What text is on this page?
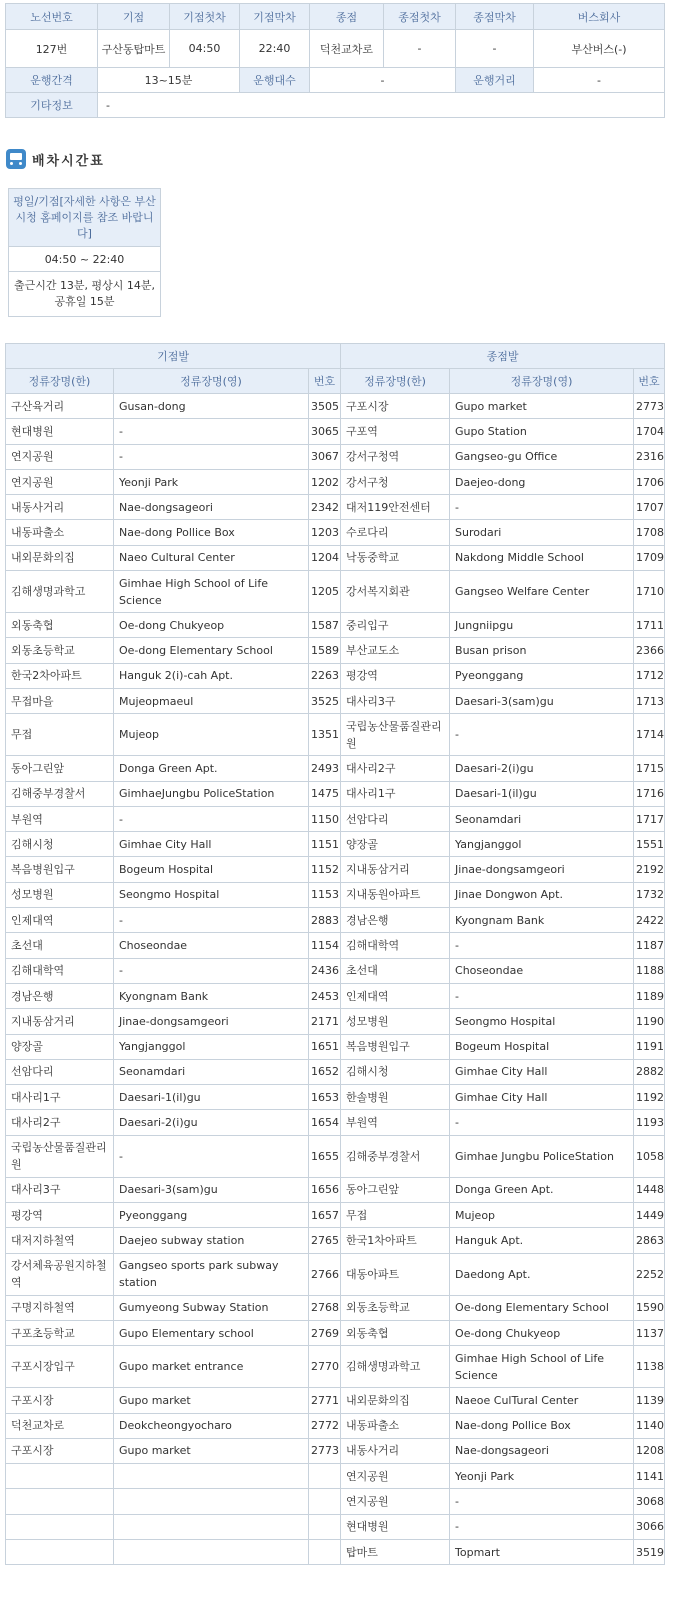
노선번호	기점	기점첫차	기점막차	종점	종점첫차	종점막차	버스회사
127번	구산동탑마트	04:50	22:40	덕천교차로	-	-	부산버스(-)
운행간격	13~15분		운행대수	-		운행거리	-
기타정보	-						
배차시간표
평일/기점[자세한 사항은 부산시청 홈페이지를 참조 바랍니다]
04:50 ~ 22:40
출근시간 13분, 평상시 14분, 공휴일 15분
기점발			종점발		
정류장명(한)	정류장명(영)	번호	정류장명(한)	정류장명(영)	번호
구산육거리	Gusan-dong	3505	구포시장	Gupo market	2773
현대병원	-	3065	구포역	Gupo Station	1704
연지공원	-	3067	강서구청역	Gangseo-gu Office	2316
연지공원	Yeonji Park	1202	강서구청	Daejeo-dong	1706
내동사거리	Nae-dongsageori	2342	대저119안전센터	-	1707
내동파출소	Nae-dong Pollice Box	1203	수로다리	Surodari	1708
내외문화의집	Naeo Cultural Center	1204	낙동중학교	Nakdong Middle School	1709
김해생명과학고	Gimhae High School of Life Science	1205	강서복지회관	Gangseo Welfare Center	1710
외동축협	Oe-dong Chukyeop	1587	중리입구	Jungniipgu	1711
외동초등학교	Oe-dong Elementary School	1589	부산교도소	Busan prison	2366
한국2차아파트	Hanguk 2(i)-cah Apt.	2263	평강역	Pyeonggang	1712
무접마을	Mujeopmaeul	3525	대사리3구	Daesari-3(sam)gu	1713
무접	Mujeop	1351	국립농산물품질관리원	-	1714
동아그린앞	Donga Green Apt.	2493	대사리2구	Daesari-2(i)gu	1715
김해중부경찰서	GimhaeJungbu PoliceStation	1475	대사리1구	Daesari-1(il)gu	1716
부원역	-	1150	선암다리	Seonamdari	1717
김해시청	Gimhae City Hall	1151	양장골	Yangjanggol	1551
복음병원입구	Bogeum Hospital	1152	지내동삼거리	Jinae-dongsamgeori	2192
성모병원	Seongmo Hospital	1153	지내동원아파트	Jinae Dongwon Apt.	1732
인제대역	-	2883	경남은행	Kyongnam Bank	2422
초선대	Choseondae	1154	김해대학역	-	1187
김해대학역	-	2436	초선대	Choseondae	1188
경남은행	Kyongnam Bank	2453	인제대역	-	1189
지내동삼거리	Jinae-dongsamgeori	2171	성모병원	Seongmo Hospital	1190
양장골	Yangjanggol	1651	복음병원입구	Bogeum Hospital	1191
선암다리	Seonamdari	1652	김해시청	Gimhae City Hall	2882
대사리1구	Daesari-1(il)gu	1653	한솔병원	Gimhae City Hall	1192
대사리2구	Daesari-2(i)gu	1654	부원역	-	1193
국립농산물품질관리원	-	1655	김해중부경찰서	Gimhae Jungbu PoliceStation	1058
대사리3구	Daesari-3(sam)gu	1656	동아그린앞	Donga Green Apt.	1448
평강역	Pyeonggang	1657	무접	Mujeop	1449
대저지하철역	Daejeo subway station	2765	한국1차아파트	Hanguk Apt.	2863
강서체육공원지하철역	Gangseo sports park subway station	2766	대동아파트	Daedong Apt.	2252
구명지하철역	Gumyeong Subway Station	2768	외동초등학교	Oe-dong Elementary School	1590
구포초등학교	Gupo Elementary school	2769	외동축협	Oe-dong Chukyeop	1137
구포시장입구	Gupo market entrance	2770	김해생명과학고	Gimhae High School of Life Science	1138
구포시장	Gupo market	2771	내외문화의집	Naeoe CulTural Center	1139
덕천교차로	Deokcheongyocharo	2772	내동파출소	Nae-dong Pollice Box	1140
구포시장	Gupo market	2773	내동사거리	Nae-dongsageori	1208
			연지공원	Yeonji Park	1141
			연지공원	-	3068
			현대병원	-	3066
			탑마트	Topmart	3519
